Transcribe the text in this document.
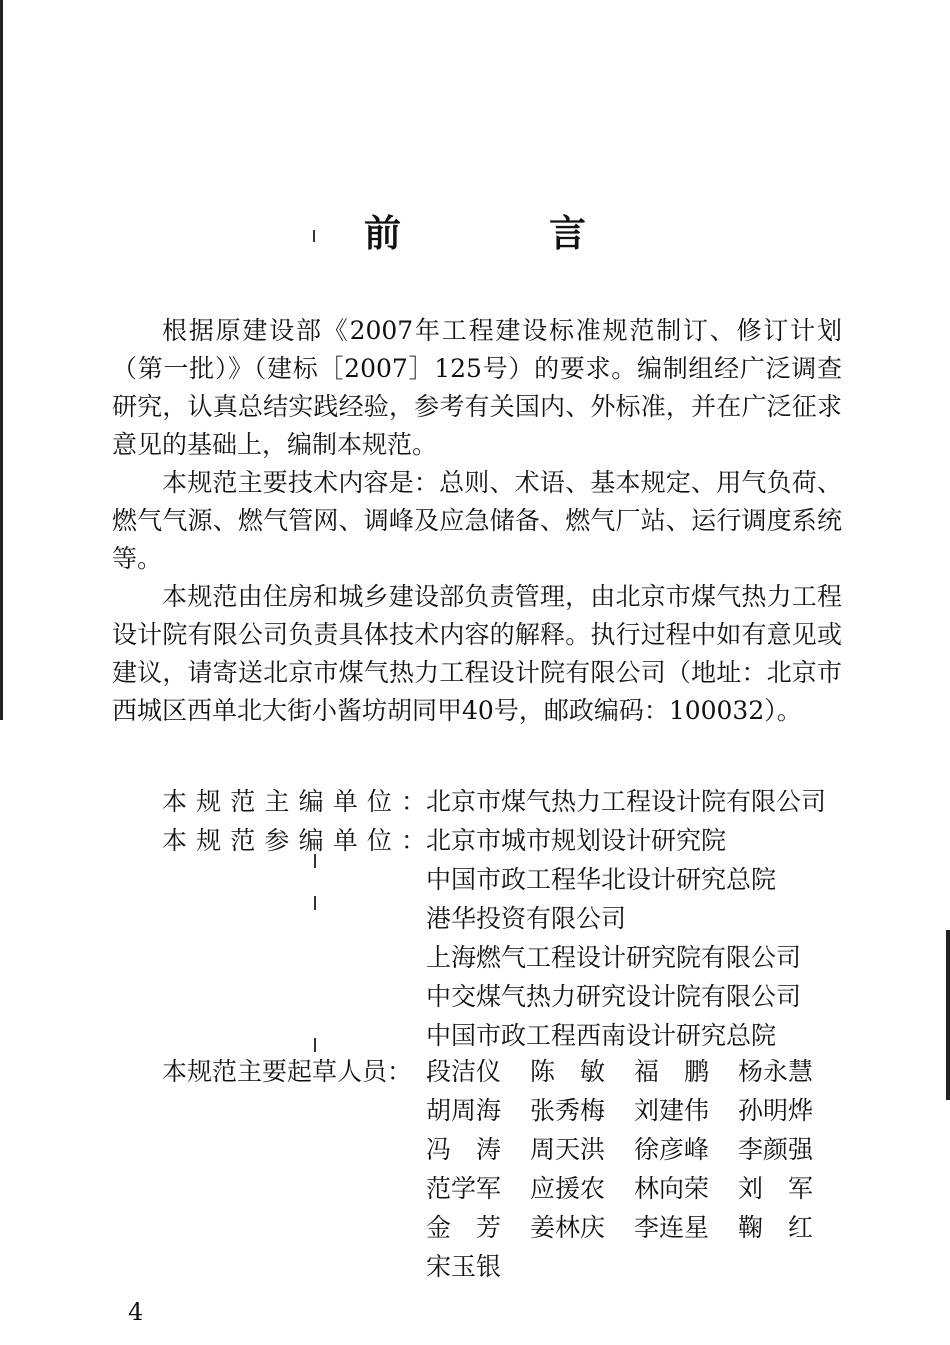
前　言

根据原建设部《2007年工程建设标准规范制订、修订计划（第一批）》（建标［2007］125号）的要求。编制组经广泛调查研究，认真总结实践经验，参考有关国内、外标准，并在广泛征求意见的基础上，编制本规范。

本规范主要技术内容是：总则、术语、基本规定、用气负荷、燃气气源、燃气管网、调峰及应急储备、燃气厂站、运行调度系统等。

本规范由住房和城乡建设部负责管理，由北京市煤气热力工程设计院有限公司负责具体技术内容的解释。执行过程中如有意见或建议，请寄送北京市煤气热力工程设计院有限公司（地址：北京市西城区西单北大街小酱坊胡同甲40号，邮政编码：100032）。

本 规 范 主 编 单 位 ： 北京市煤气热力工程设计院有限公司
本 规 范 参 编 单 位 ： 北京市城市规划设计研究院
中国市政工程华北设计研究总院
港华投资有限公司
上海燃气工程设计研究院有限公司
中交煤气热力研究设计院有限公司
中国市政工程西南设计研究总院
本规范主要起草人员： 段洁仪	陈　敏	福　鹏	杨永慧
胡周海	张秀梅	刘建伟	孙明烨
冯　涛	周天洪	徐彦峰	李颜强
范学军	应援农	林向荣	刘　军
金　芳	姜林庆	李连星	鞠　红
宋玉银
4
